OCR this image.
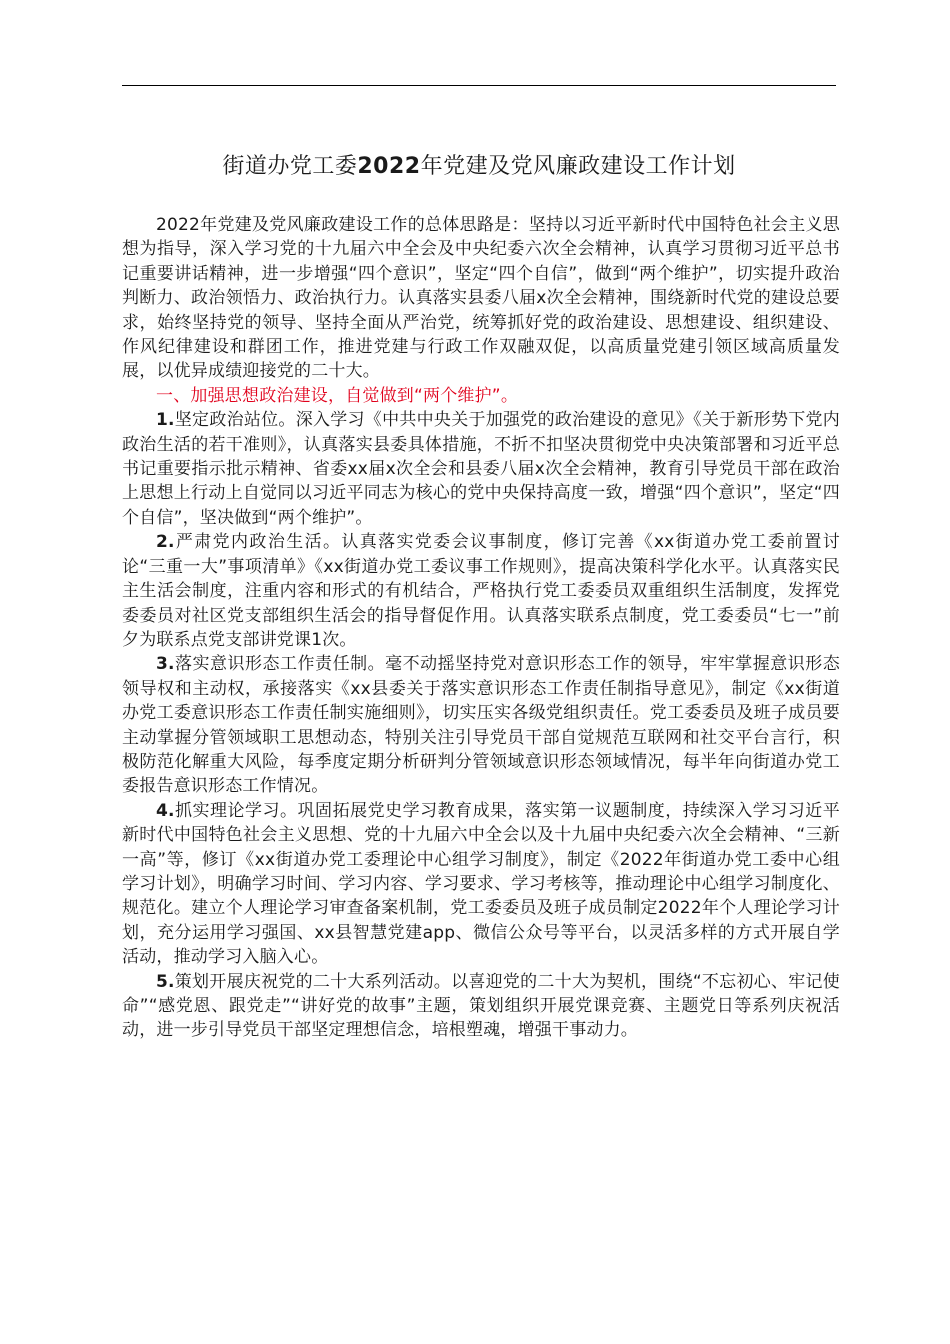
街道办党工委2022年党建及党风廉政建设工作计划

2022年党建及党风廉政建设工作的总体思路是：坚持以习近平新时代中国特色社会主义思想为指导，深入学习党的十九届六中全会及中央纪委六次全会精神，认真学习贯彻习近平总书记重要讲话精神，进一步增强“四个意识”，坚定“四个自信”，做到“两个维护”，切实提升政治判断力、政治领悟力、政治执行力。认真落实县委八届x次全会精神，围绕新时代党的建设总要求，始终坚持党的领导、坚持全面从严治党，统筹抓好党的政治建设、思想建设、组织建设、作风纪律建设和群团工作，推进党建与行政工作双融双促，以高质量党建引领区域高质量发展，以优异成绩迎接党的二十大。

一、加强思想政治建设，自觉做到“两个维护”。

1.坚定政治站位。深入学习《中共中央关于加强党的政治建设的意见》《关于新形势下党内政治生活的若干准则》，认真落实县委具体措施，不折不扣坚决贯彻党中央决策部署和习近平总书记重要指示批示精神、省委xx届x次全会和县委八届x次全会精神，教育引导党员干部在政治上思想上行动上自觉同以习近平同志为核心的党中央保持高度一致，增强“四个意识”，坚定“四个自信”，坚决做到“两个维护”。

2.严肃党内政治生活。认真落实党委会议事制度，修订完善《xx街道办党工委前置讨论“三重一大”事项清单》《xx街道办党工委议事工作规则》，提高决策科学化水平。认真落实民主生活会制度，注重内容和形式的有机结合，严格执行党工委委员双重组织生活制度，发挥党委委员对社区党支部组织生活会的指导督促作用。认真落实联系点制度，党工委委员“七一”前夕为联系点党支部讲党课1次。

3.落实意识形态工作责任制。毫不动摇坚持党对意识形态工作的领导，牢牢掌握意识形态领导权和主动权，承接落实《xx县委关于落实意识形态工作责任制指导意见》，制定《xx街道办党工委意识形态工作责任制实施细则》，切实压实各级党组织责任。党工委委员及班子成员要主动掌握分管领域职工思想动态，特别关注引导党员干部自觉规范互联网和社交平台言行，积极防范化解重大风险，每季度定期分析研判分管领域意识形态领域情况，每半年向街道办党工委报告意识形态工作情况。

4.抓实理论学习。巩固拓展党史学习教育成果，落实第一议题制度，持续深入学习习近平新时代中国特色社会主义思想、党的十九届六中全会以及十九届中央纪委六次全会精神、“三新一高”等，修订《xx街道办党工委理论中心组学习制度》，制定《2022年街道办党工委中心组学习计划》，明确学习时间、学习内容、学习要求、学习考核等，推动理论中心组学习制度化、规范化。建立个人理论学习审查备案机制，党工委委员及班子成员制定2022年个人理论学习计划，充分运用学习强国、xx县智慧党建app、微信公众号等平台，以灵活多样的方式开展自学活动，推动学习入脑入心。

5.策划开展庆祝党的二十大系列活动。以喜迎党的二十大为契机，围绕“不忘初心、牢记使命”“感党恩、跟党走”“讲好党的故事”主题，策划组织开展党课竞赛、主题党日等系列庆祝活动，进一步引导党员干部坚定理想信念，培根塑魂，增强干事动力。
